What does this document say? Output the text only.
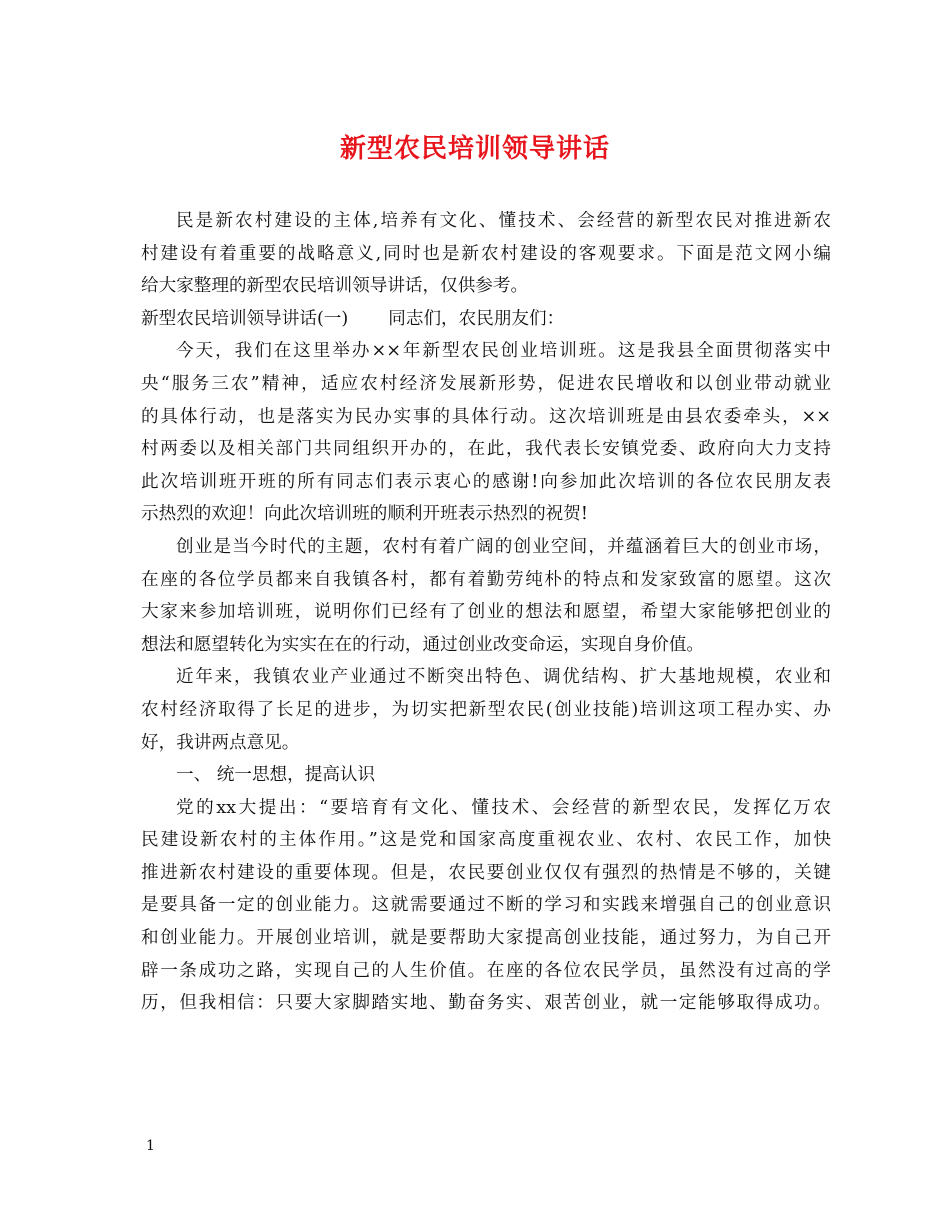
新型农民培训领导讲话
民是新农村建设的主体,培养有文化、懂技术、会经营的新型农民对推进新农
村建设有着重要的战略意义,同时也是新农村建设的客观要求。下面是范文网小编
给大家整理的新型农民培训领导讲话，仅供参考。
新型农民培训领导讲话(一) 同志们，农民朋友们：
今天，我们在这里举办××年新型农民创业培训班。这是我县全面贯彻落实中
央“服务三农”精神，适应农村经济发展新形势，促进农民增收和以创业带动就业
的具体行动，也是落实为民办实事的具体行动。这次培训班是由县农委牵头，××
村两委以及相关部门共同组织开办的，在此，我代表长安镇党委、政府向大力支持
此次培训班开班的所有同志们表示衷心的感谢!向参加此次培训的各位农民朋友表
示热烈的欢迎！向此次培训班的顺利开班表示热烈的祝贺!
创业是当今时代的主题，农村有着广阔的创业空间，并蕴涵着巨大的创业市场，
在座的各位学员都来自我镇各村，都有着勤劳纯朴的特点和发家致富的愿望。这次
大家来参加培训班，说明你们已经有了创业的想法和愿望，希望大家能够把创业的
想法和愿望转化为实实在在的行动，通过创业改变命运，实现自身价值。
近年来，我镇农业产业通过不断突出特色、调优结构、扩大基地规模，农业和
农村经济取得了长足的进步，为切实把新型农民(创业技能)培训这项工程办实、办
好，我讲两点意见。
一、 统一思想，提高认识
党的xx大提出：“要培育有文化、懂技术、会经营的新型农民，发挥亿万农
民建设新农村的主体作用。”这是党和国家高度重视农业、农村、农民工作，加快
推进新农村建设的重要体现。但是，农民要创业仅仅有强烈的热情是不够的，关键
是要具备一定的创业能力。这就需要通过不断的学习和实践来增强自己的创业意识
和创业能力。开展创业培训，就是要帮助大家提高创业技能，通过努力，为自己开
辟一条成功之路，实现自己的人生价值。在座的各位农民学员，虽然没有过高的学
历，但我相信：只要大家脚踏实地、勤奋务实、艰苦创业，就一定能够取得成功。
1
